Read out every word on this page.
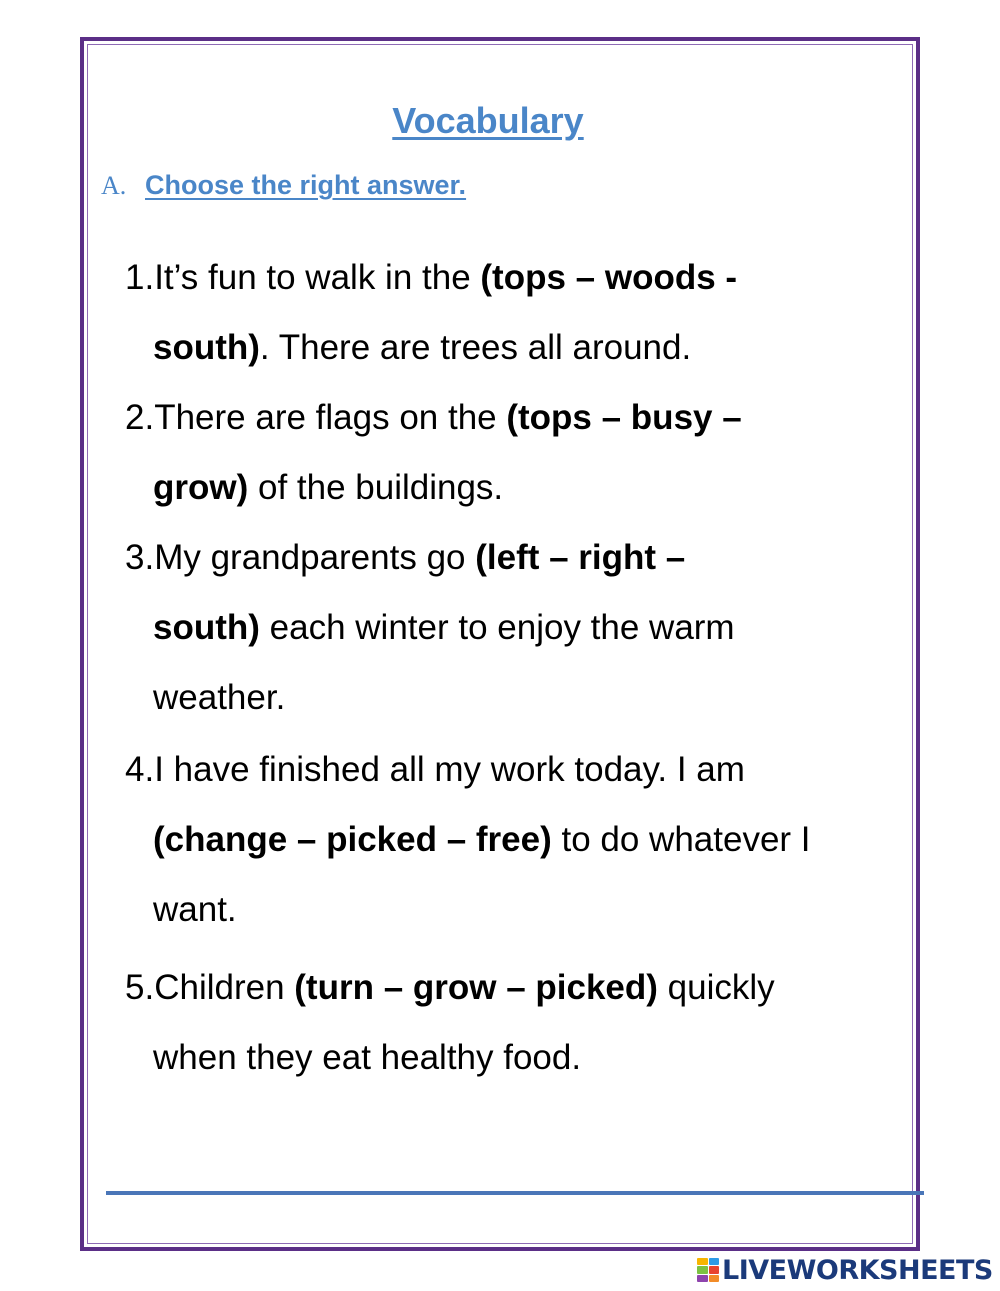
Vocabulary
A. Choose the right answer.
1.It’s fun to walk in the (tops – woods -
south). There are trees all around.
2.There are flags on the (tops – busy –
grow) of the buildings.
3.My grandparents go (left – right –
south) each winter to enjoy the warm
weather.
4.I have finished all my work today. I am
(change – picked – free) to do whatever I
want.
5.Children (turn – grow – picked) quickly
when they eat healthy food.
LIVEWORKSHEETS
